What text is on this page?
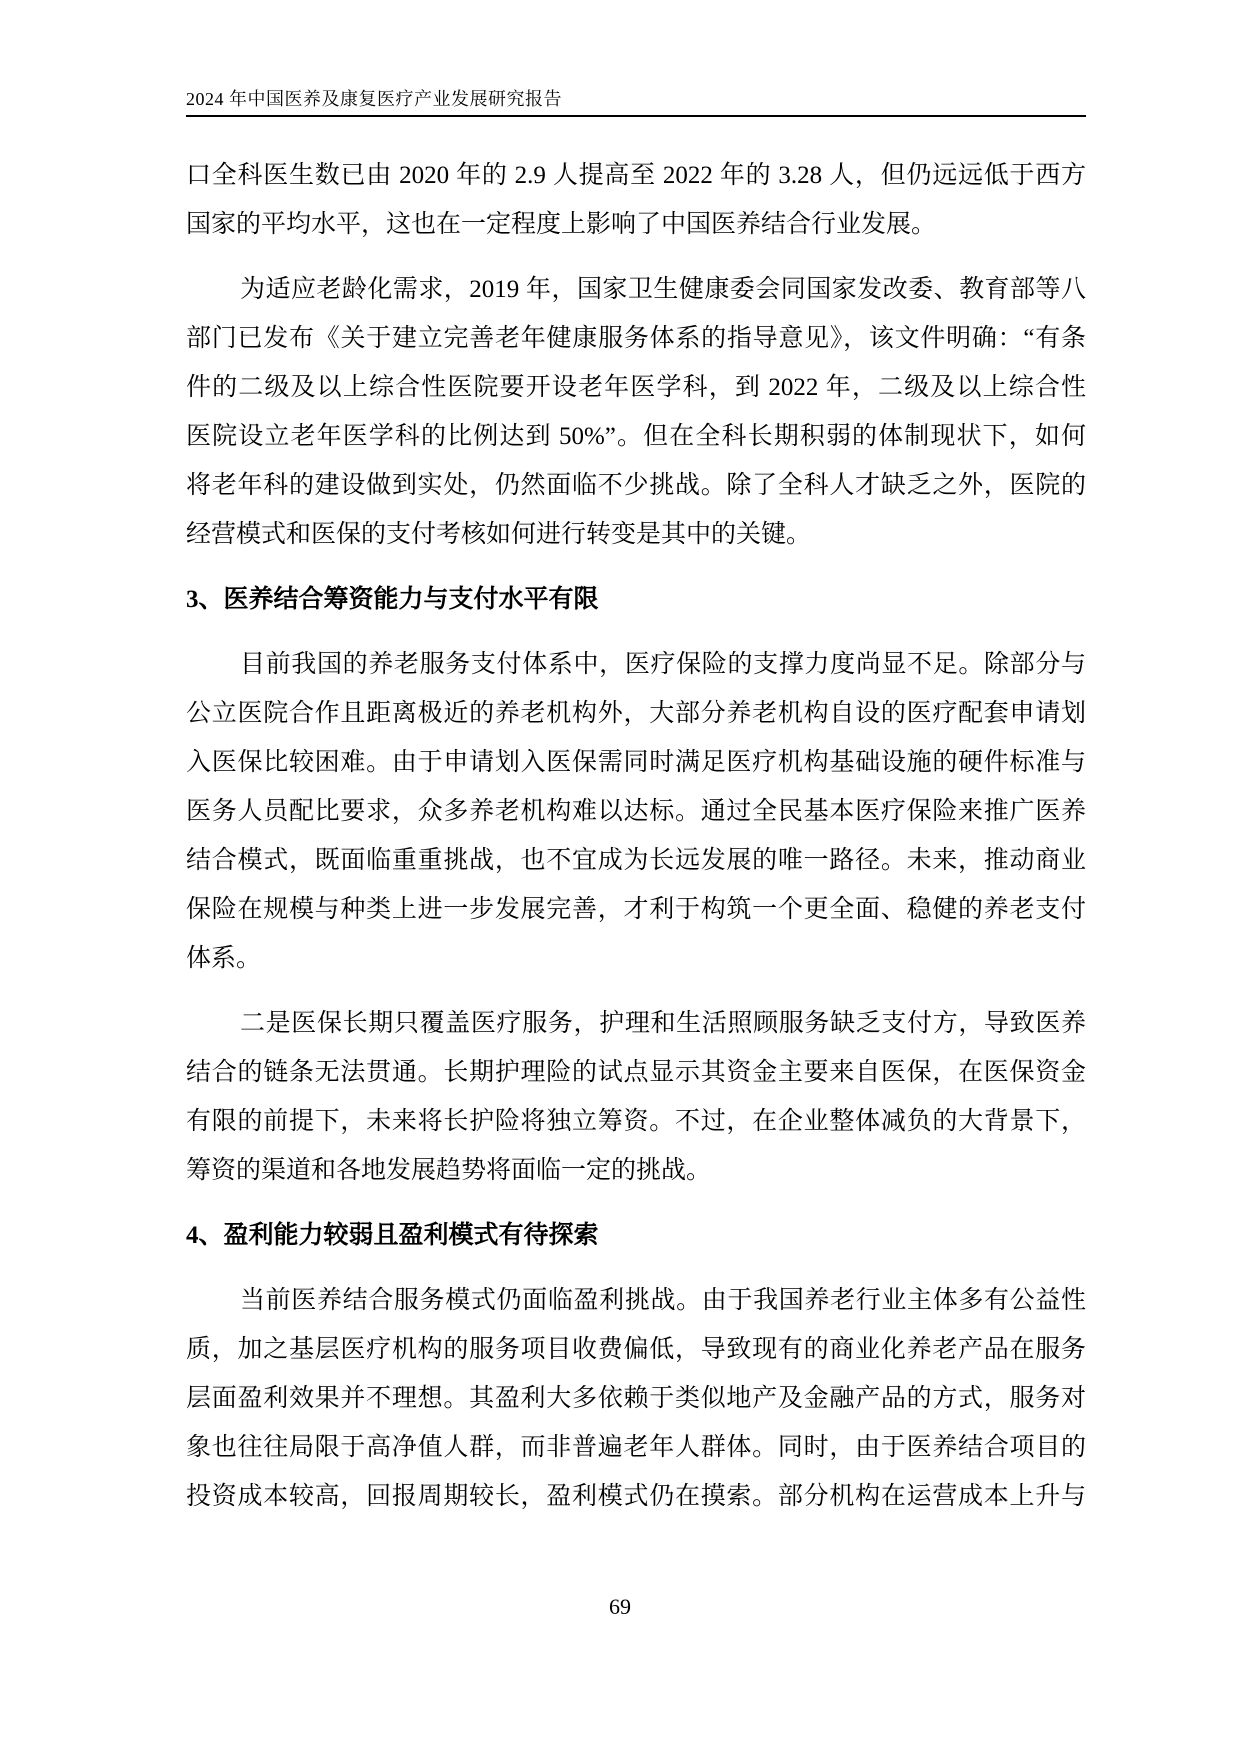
2024 年中国医养及康复医疗产业发展研究报告
口全科医生数已由 2020 年的 2.9 人提高至 2022 年的 3.28 人，但仍远远低于西方
国家的平均水平，这也在一定程度上影响了中国医养结合行业发展。
为适应老龄化需求，2019 年，国家卫生健康委会同国家发改委、教育部等八
部门已发布《关于建立完善老年健康服务体系的指导意见》，该文件明确：“有条
件的二级及以上综合性医院要开设老年医学科，到 2022 年，二级及以上综合性
医院设立老年医学科的比例达到 50%”。但在全科长期积弱的体制现状下，如何
将老年科的建设做到实处，仍然面临不少挑战。除了全科人才缺乏之外，医院的
经营模式和医保的支付考核如何进行转变是其中的关键。
3、医养结合筹资能力与支付水平有限
目前我国的养老服务支付体系中，医疗保险的支撑力度尚显不足。除部分与
公立医院合作且距离极近的养老机构外，大部分养老机构自设的医疗配套申请划
入医保比较困难。由于申请划入医保需同时满足医疗机构基础设施的硬件标准与
医务人员配比要求，众多养老机构难以达标。通过全民基本医疗保险来推广医养
结合模式，既面临重重挑战，也不宜成为长远发展的唯一路径。未来，推动商业
保险在规模与种类上进一步发展完善，才利于构筑一个更全面、稳健的养老支付
体系。
二是医保长期只覆盖医疗服务，护理和生活照顾服务缺乏支付方，导致医养
结合的链条无法贯通。长期护理险的试点显示其资金主要来自医保，在医保资金
有限的前提下，未来将长护险将独立筹资。不过，在企业整体减负的大背景下，
筹资的渠道和各地发展趋势将面临一定的挑战。
4、盈利能力较弱且盈利模式有待探索
当前医养结合服务模式仍面临盈利挑战。由于我国养老行业主体多有公益性
质，加之基层医疗机构的服务项目收费偏低，导致现有的商业化养老产品在服务
层面盈利效果并不理想。其盈利大多依赖于类似地产及金融产品的方式，服务对
象也往往局限于高净值人群，而非普遍老年人群体。同时，由于医养结合项目的
投资成本较高，回报周期较长，盈利模式仍在摸索。部分机构在运营成本上升与
69
